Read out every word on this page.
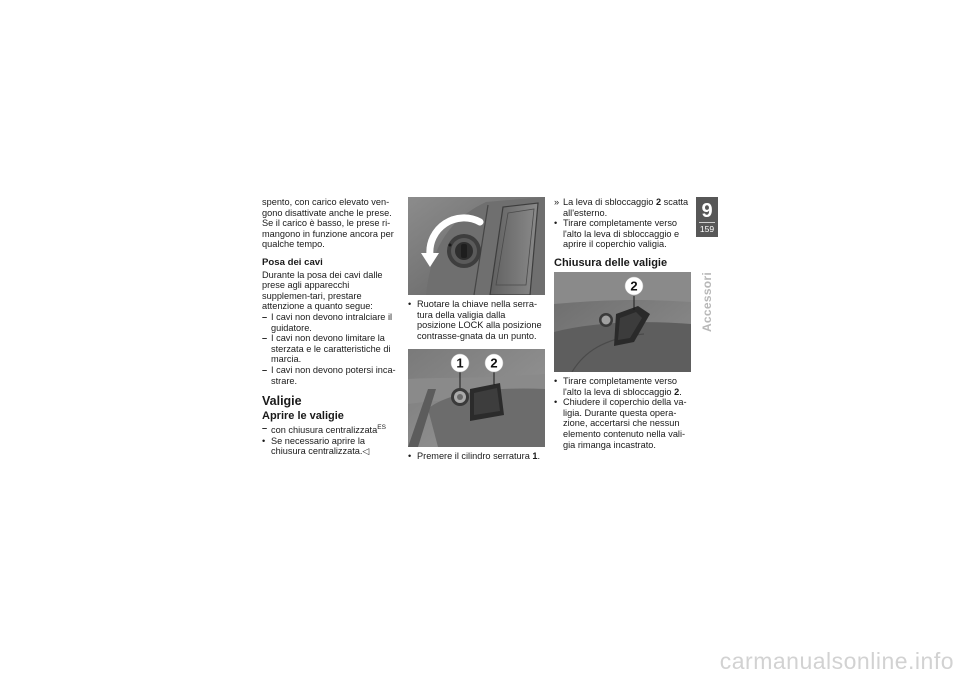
spento, con carico elevato ven-gono disattivate anche le prese. Se il carico è basso, le prese ri-mangono in funzione ancora per qualche tempo.

Posa dei cavi

Durante la posa dei cavi dalle prese agli apparecchi supplemen-tari, prestare attenzione a quanto segue:

– I cavi non devono intralciare il guidatore.
– I cavi non devono limitare la sterzata e le caratteristiche di marcia.
– I cavi non devono potersi inca-strare.
Valigie
Aprire le valigie
– con chiusura centralizzata$^{ES}$
• Se necessario aprire la chiusura centralizzata.◁
• Ruotare la chiave nella serra-tura della valigia dalla posizione LOCK alla posizione contrasse-gnata da un punto.
1 2
• Premere il cilindro serratura 1.
» La leva di sbloccaggio 2 scatta all'esterno.
• Tirare completamente verso l'alto la leva di sbloccaggio e aprire il coperchio valigia.
Chiusura delle valigie
2
• Tirare completamente verso l'alto la leva di sbloccaggio 2.
• Chiudere il coperchio della va-ligia. Durante questa opera-zione, accertarsi che nessun elemento contenuto nella vali-gia rimanga incastrato.
9
159
Accessori
carmanualsonline.info
